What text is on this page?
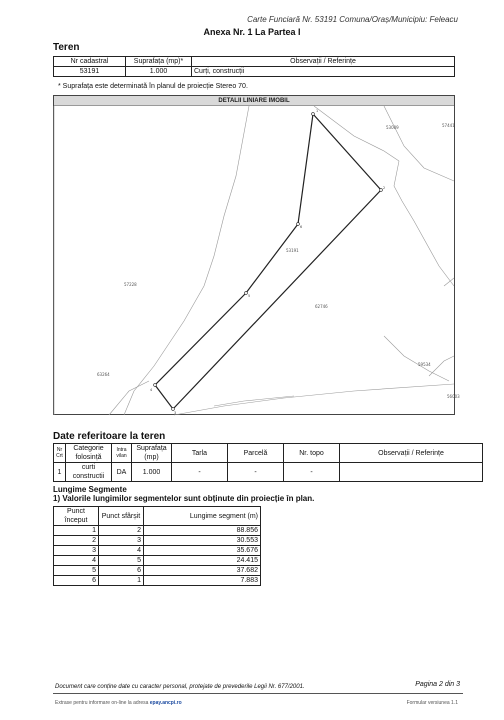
Carte Funciară Nr. 53191 Comuna/Oraș/Municipiu: Feleacu
Anexa Nr. 1 La Partea I
Teren
Nr cadastral	Suprafața (mp)*	Observații / Referințe
53191	1.000	Curți, construcții
* Suprafața este determinată în planul de proiecție Stereo 70.
DETALII LINIARE IMOBIL
1
2
3
4
5
6
53191
53009	57441
57228
62746
63264
59534
56003
Date referitoare la teren
Nr Crt	Categorie folosință	Intra vilan	Suprafața (mp)	Tarla	Parcelă	Nr. topo	Observații / Referințe
1	curti constructii	DA	1.000	-	-	-	
Lungime Segmente
1) Valorile lungimilor segmentelor sunt obținute din proiecție în plan.
Punct început	Punct sfârșit	Lungime segment (m)
1	2	88.856
2	3	30.553
3	4	35.676
4	5	24.415
5	6	37.682
6	1	7.883
Document care conține date cu caracter personal, protejate de prevederile Legii Nr. 677/2001.	Pagina 2 din 3
Extrase pentru informare on-line la adresa epay.ancpi.ro	Formular versiunea 1.1
